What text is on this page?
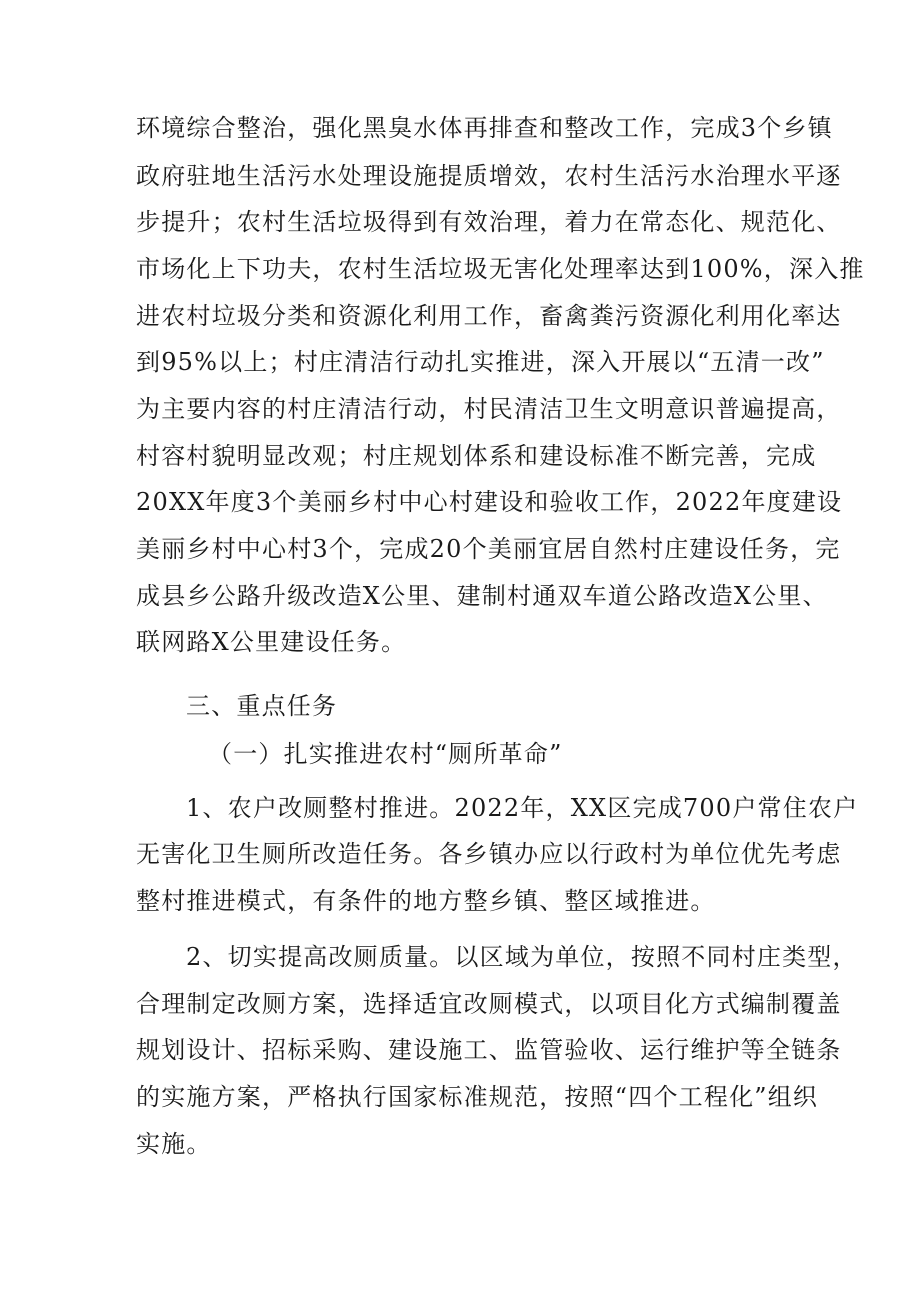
环境综合整治，强化黑臭水体再排查和整改工作，完成3个乡镇
政府驻地生活污水处理设施提质增效，农村生活污水治理水平逐
步提升；农村生活垃圾得到有效治理，着力在常态化、规范化、
市场化上下功夫，农村生活垃圾无害化处理率达到100%，深入推
进农村垃圾分类和资源化利用工作，畜禽粪污资源化利用化率达
到95%以上；村庄清洁行动扎实推进，深入开展以“五清一改”
为主要内容的村庄清洁行动，村民清洁卫生文明意识普遍提高，
村容村貌明显改观；村庄规划体系和建设标准不断完善，完成
20XX年度3个美丽乡村中心村建设和验收工作，2022年度建设
美丽乡村中心村3个，完成20个美丽宜居自然村庄建设任务，完
成县乡公路升级改造X公里、建制村通双车道公路改造X公里、
联网路X公里建设任务。
三、重点任务
（一）扎实推进农村“厕所革命”
1、农户改厕整村推进。2022年，XX区完成700户常住农户
无害化卫生厕所改造任务。各乡镇办应以行政村为单位优先考虑
整村推进模式，有条件的地方整乡镇、整区域推进。
2、切实提高改厕质量。以区域为单位，按照不同村庄类型，
合理制定改厕方案，选择适宜改厕模式，以项目化方式编制覆盖
规划设计、招标采购、建设施工、监管验收、运行维护等全链条
的实施方案，严格执行国家标准规范，按照“四个工程化”组织
实施。
